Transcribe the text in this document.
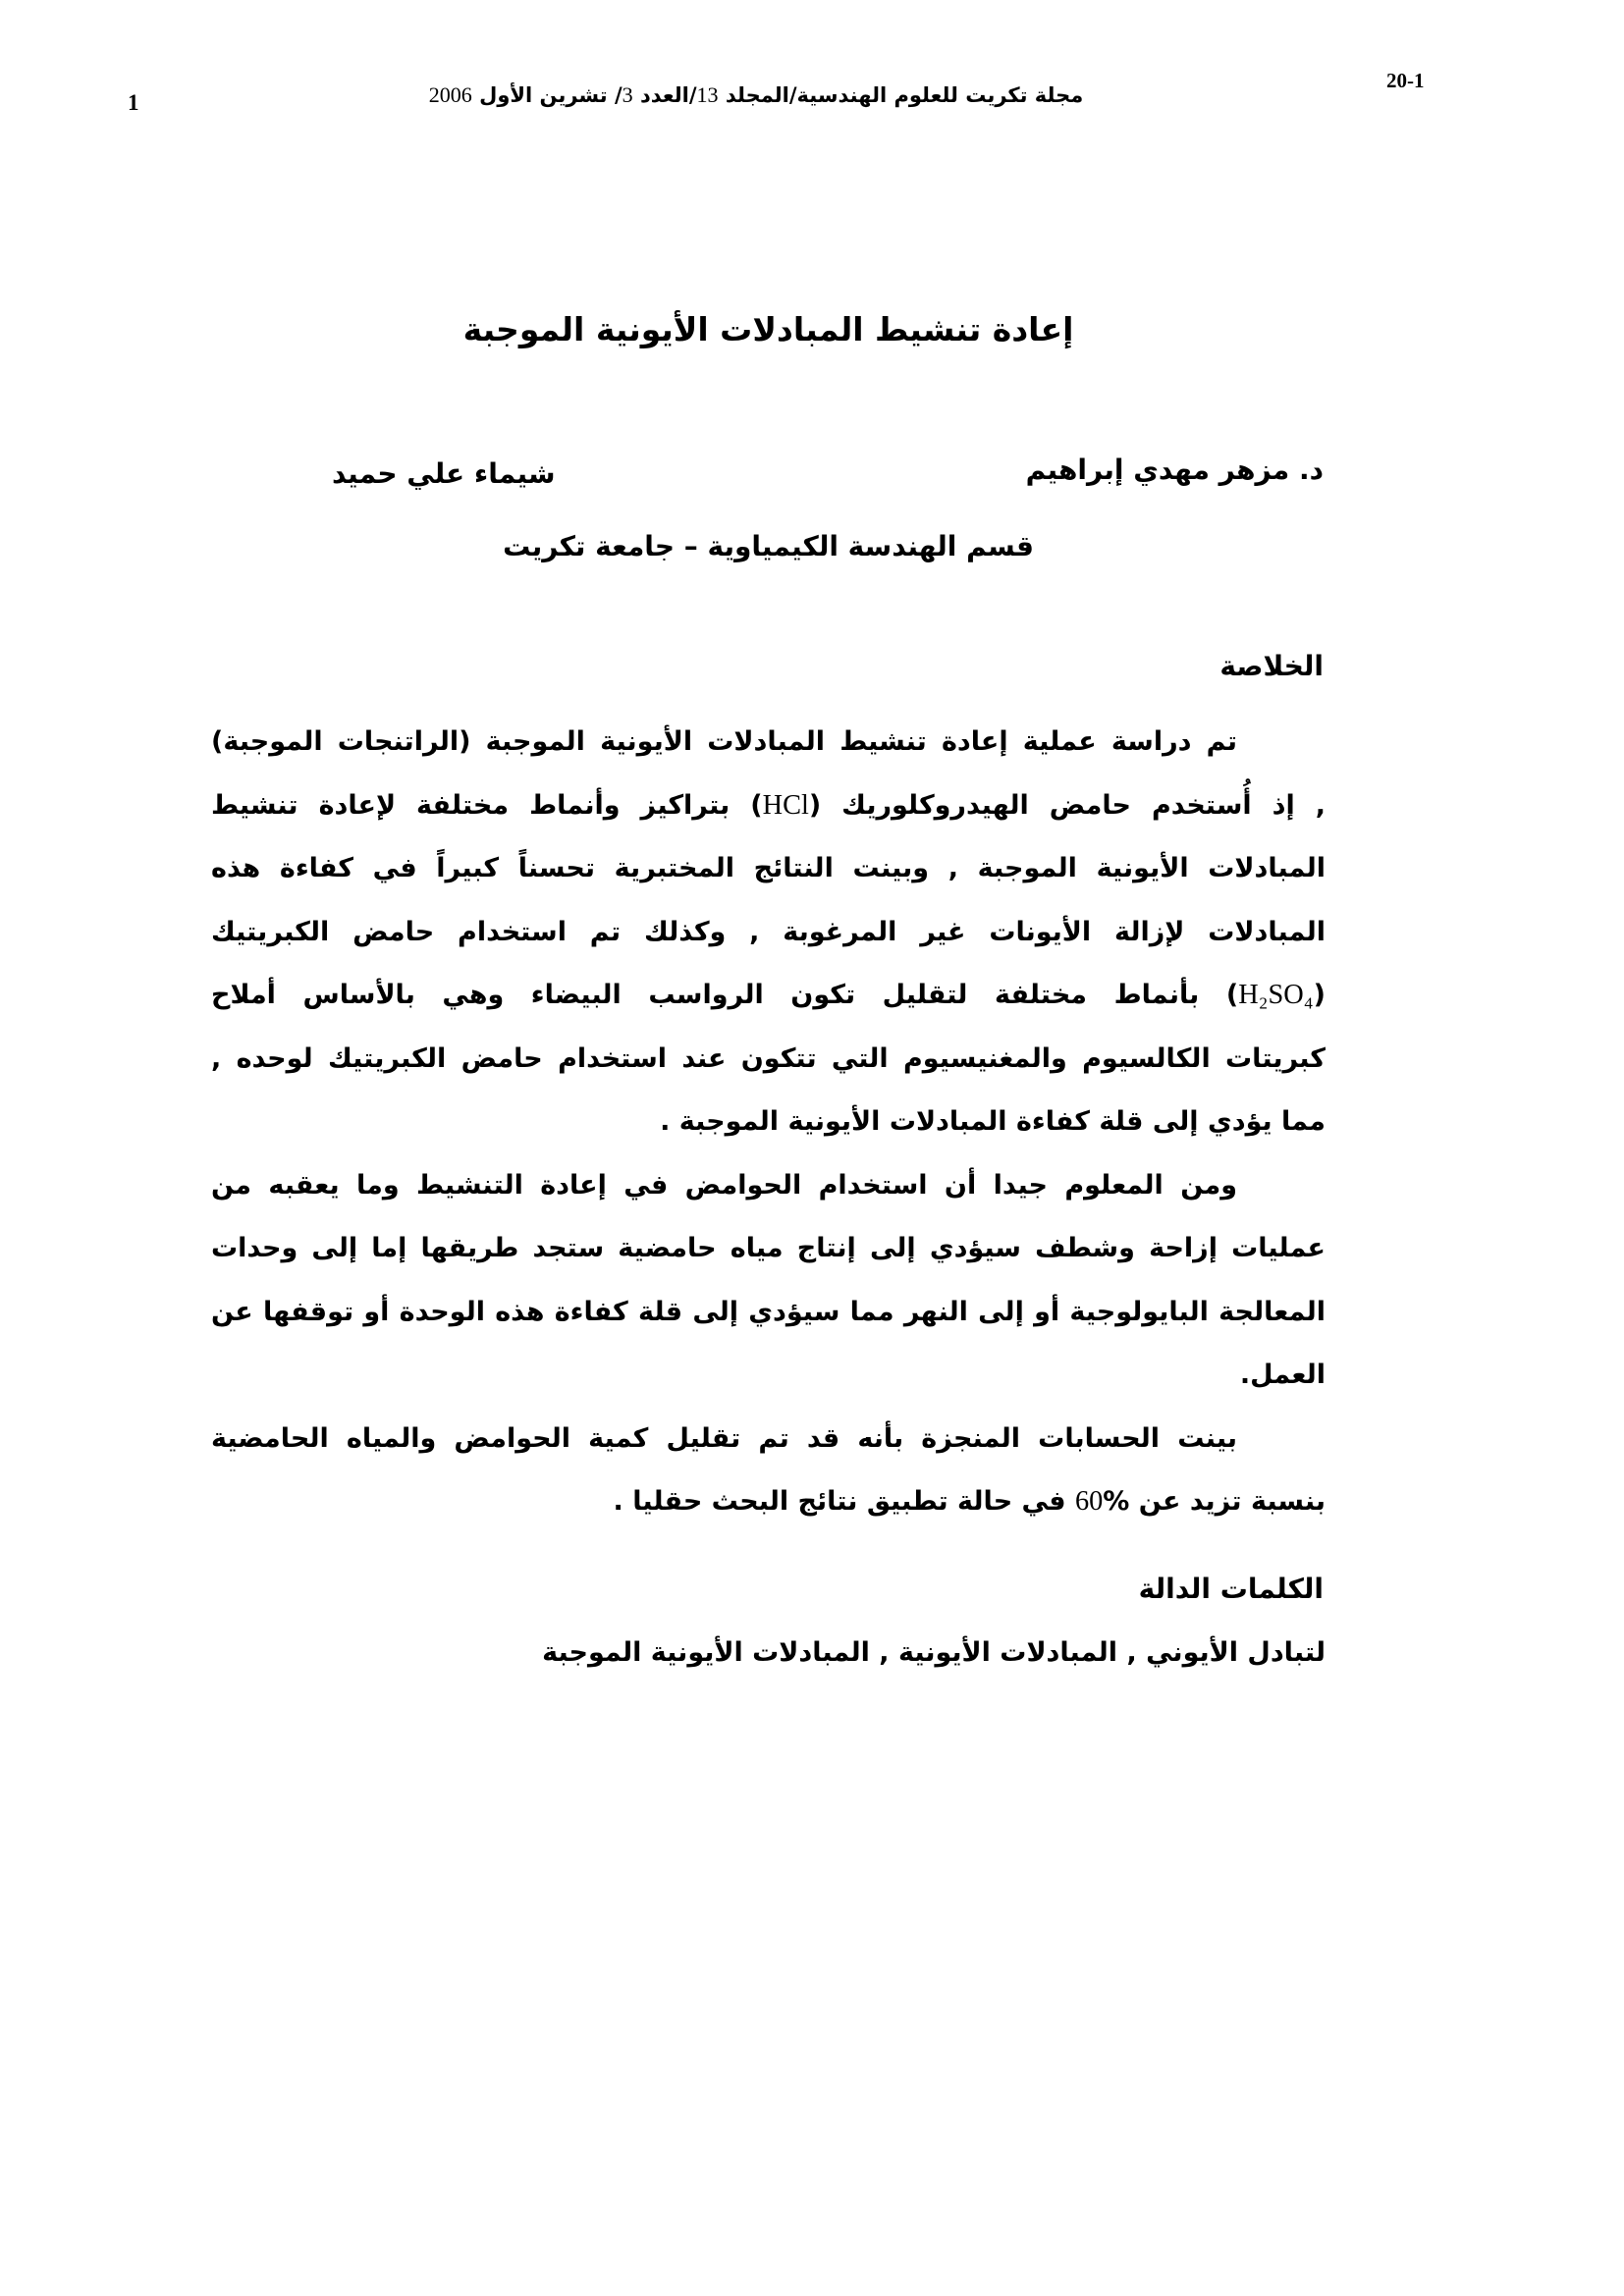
1	مجلة تكريت للعلوم الهندسية/المجلد 13/العدد 3/ تشرين الأول 2006
20-1
إعادة تنشيط المبادلات الأيونية الموجبة
د. مزهر مهدي إبراهيم
شيماء علي حميد
قسم الهندسة الكيمياوية – جامعة تكريت
الخلاصة
تم دراسة عملية إعادة تنشيط المبادلات الأيونية الموجبة (الراتنجات الموجبة)
, إذ أُستخدم حامض الهيدروكلوريك (HCl) بتراكيز وأنماط مختلفة لإعادة تنشيط
المبادلات الأيونية الموجبة , وبينت النتائج المختبرية تحسناً كبيراً في كفاءة هذه
المبادلات لإزالة الأيونات غير المرغوبة , وكذلك تم استخدام حامض الكبريتيك
(H₂SO₄) بأنماط مختلفة لتقليل تكون الرواسب البيضاء وهي بالأساس أملاح
كبريتات الكالسيوم والمغنيسيوم التي تتكون عند استخدام حامض الكبريتيك لوحده ,
مما يؤدي إلى قلة كفاءة المبادلات الأيونية الموجبة .
ومن المعلوم جيدا أن استخدام الحوامض في إعادة التنشيط وما يعقبه من
عمليات إزاحة وشطف سيؤدي إلى إنتاج مياه حامضية ستجد طريقها إما إلى وحدات
المعالجة البايولوجية أو إلى النهر مما سيؤدي إلى قلة كفاءة هذه الوحدة أو توقفها عن
العمل.
بينت الحسابات المنجزة بأنه قد تم تقليل كمية الحوامض والمياه الحامضية
بنسبة تزيد عن %60 في حالة تطبيق نتائج البحث حقليا .
الكلمات الدالة
لتبادل الأيوني , المبادلات الأيونية , المبادلات الأيونية الموجبة
